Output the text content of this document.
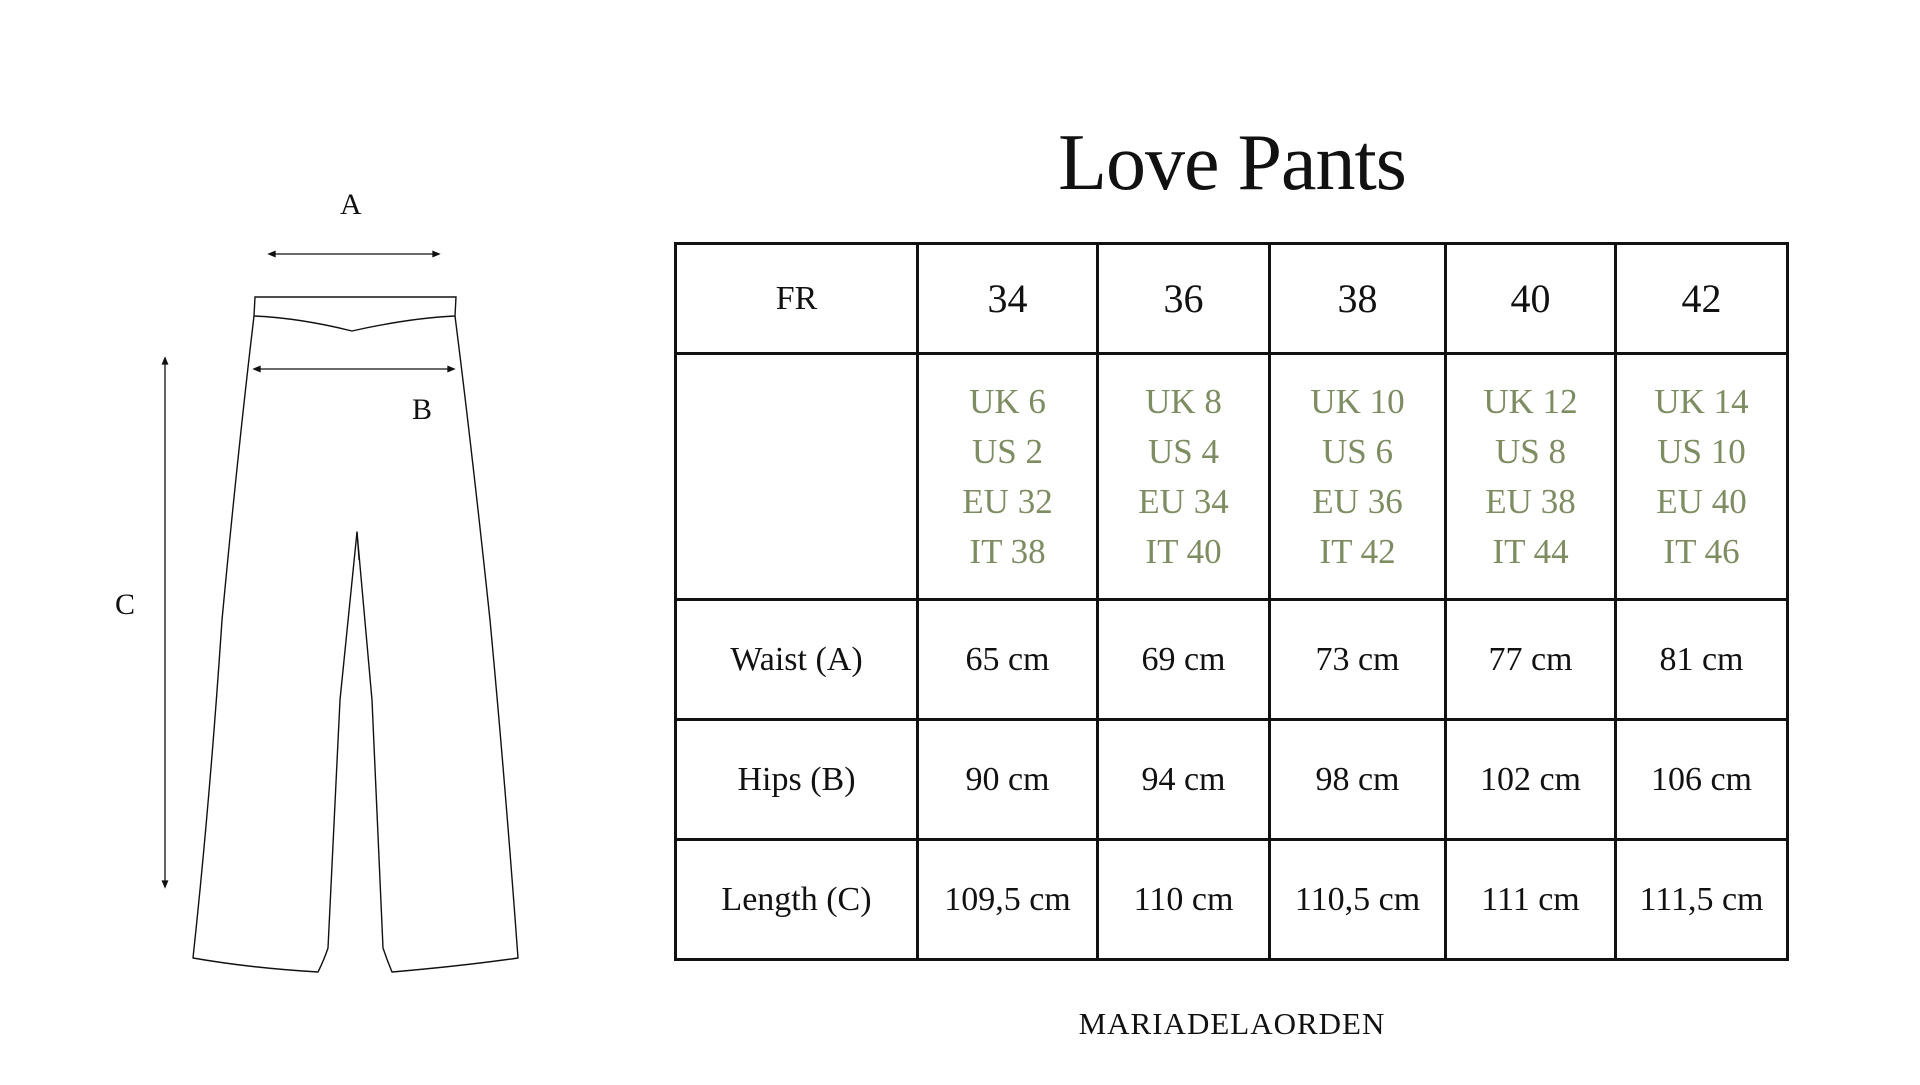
A
B
C
Love Pants
FR	34	36	38	40	42

	UK 6
US 2
EU 32
IT 38	UK 8
US 4
EU 34
IT 40	UK 10
US 6
EU 36
IT 42	UK 12
US 8
EU 38
IT 44	UK 14
US 10
EU 40
IT 46

Waist (A)	65 cm	69 cm	73 cm	77 cm	81 cm
Hips (B)	90 cm	94 cm	98 cm	102 cm	106 cm
Length (C)	109,5 cm	110 cm	110,5 cm	111 cm	111,5 cm
MARIADELAORDEN
